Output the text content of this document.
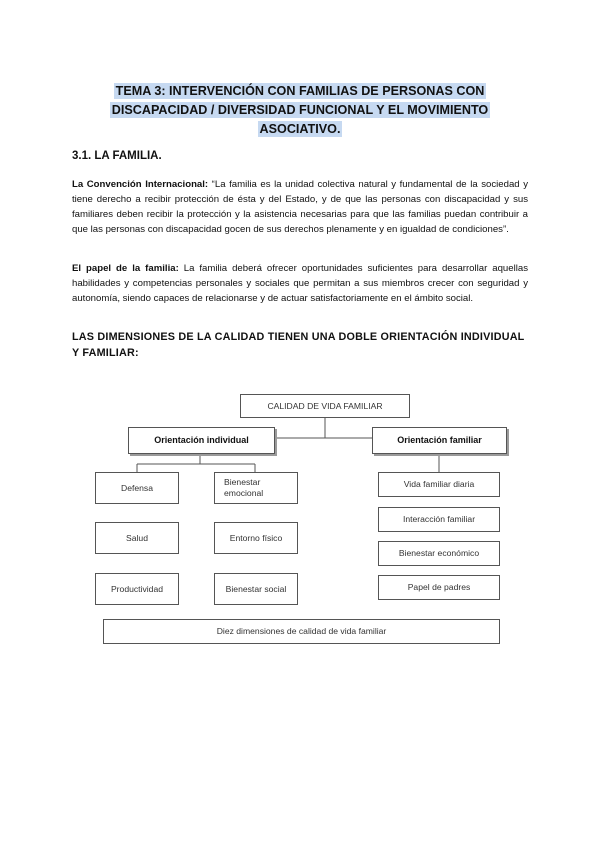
TEMA 3: INTERVENCIÓN CON FAMILIAS DE PERSONAS CON
DISCAPACIDAD / DIVERSIDAD FUNCIONAL Y EL MOVIMIENTO
ASOCIATIVO.
3.1. LA FAMILIA.
La Convención Internacional: “La familia es la unidad colectiva natural y fundamental de la sociedad y tiene derecho a recibir protección de ésta y del Estado, y de que las personas con discapacidad y sus familiares deben recibir la protección y la asistencia necesarias para que las familias puedan contribuir a que las personas con discapacidad gocen de sus derechos plenamente y en igualdad de condiciones”.
El papel de la familia: La familia deberá ofrecer oportunidades suficientes para desarrollar aquellas habilidades y competencias personales y sociales que permitan a sus miembros crecer con seguridad y autonomía, siendo capaces de relacionarse y de actuar satisfactoriamente en el ámbito social.
LAS DIMENSIONES DE LA CALIDAD TIENEN UNA DOBLE ORIENTACIÓN INDIVIDUAL Y FAMILIAR:
CALIDAD DE VIDA FAMILIAR
Orientación individual	Orientación familiar
Defensa
Salud
Productividad
Bienestar emocional
Entorno físico
Bienestar social
Vida familiar diaria
Interacción familiar
Bienestar económico
Papel de padres
Diez dimensiones de calidad de vida familiar
